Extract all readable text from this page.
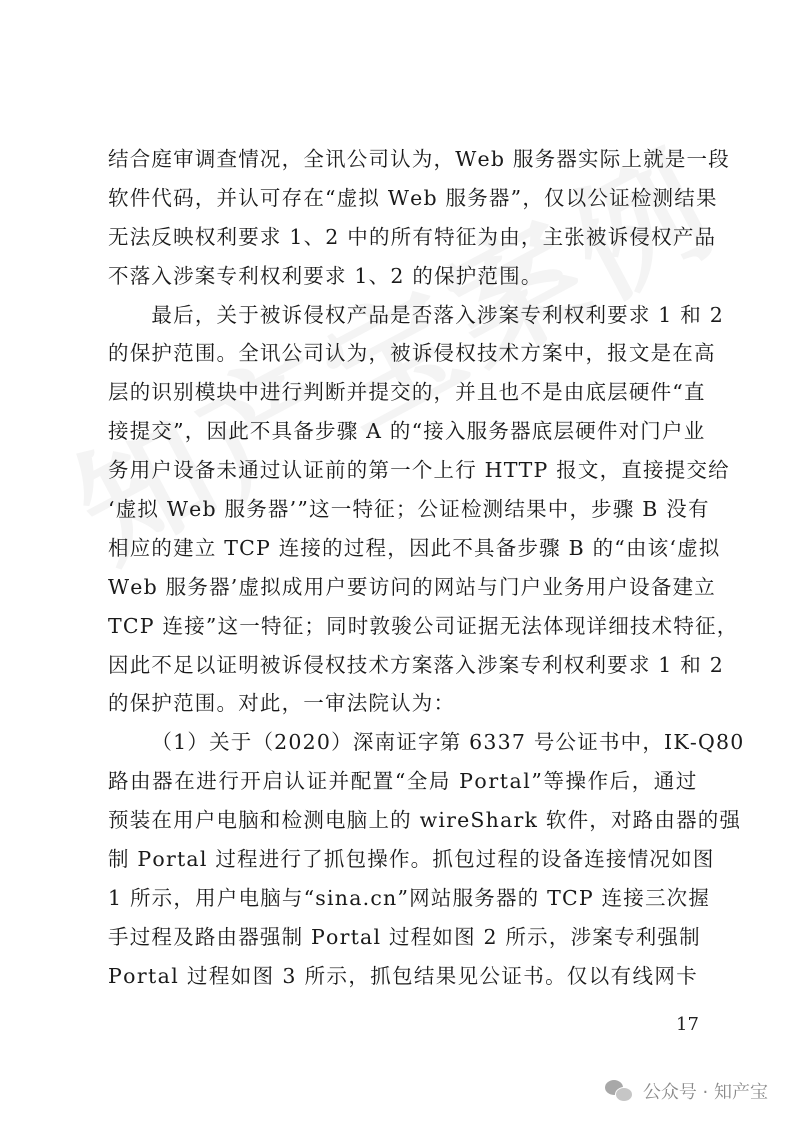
结 合 庭 审 调 查 情 况 ， 全 讯 公 司 认 为 ， W e b
服 务 器 实 际 上 就 是 一 段
软 件 代 码 ， 并 认 可 存 在 “ 虚 拟
W e b
服 务 器 ” ， 仅 以 公 证 检 测 结 果
无 法 反 映 权 利 要 求
1 、 2
中 的 所 有 特 征 为 由 ， 主 张 被 诉 侵 权 产 品
不落入涉案专利权利要求 1、2 的保护范围。

最 后 ， 关 于 被 诉 侵 权 产 品 是 否 落 入 涉 案 专 利 权 利 要 求
1
和
2
的 保 护 范 围 。 全 讯 公 司 认 为 ， 被 诉 侵 权 技 术 方 案 中 ， 报 文 是 在 高
层 的 识 别 模 块 中 进 行 判 断 并 提 交 的 ， 并 且 也 不 是 由 底 层 硬 件 “ 直
接 提 交 ” ， 因 此 不 具 备 步 骤
A
的 “ 接 入 服 务 器 底 层 硬 件 对 门 户 业
务 用 户 设 备 未 通 过 认 证 前 的 第 一 个 上 行
H T T P
报 文 ， 直 接 提 交 给
‘ 虚 拟
W e b
服 务 器 ’ ” 这 一 特 征 ； 公 证 检 测 结 果 中 ， 步 骤
B
没 有
相 应 的 建 立
T C P
连 接 的 过 程 ， 因 此 不 具 备 步 骤
B
的 “ 由 该 ‘ 虚 拟
W e b
服 务 器 ’ 虚 拟 成 用 户 要 访 问 的 网 站 与 门 户 业 务 用 户 设 备 建 立
T C P
连 接 ” 这 一 特 征 ； 同 时 敦 骏 公 司 证 据 无 法 体 现 详 细 技 术 特 征 ，
因 此 不 足 以 证 明 被 诉 侵 权 技 术 方 案 落 入 涉 案 专 利 权 利 要 求
1
和
2
的保护范围。对此，一审法院认为：

（ 1 ） 关 于 （ 2 0 2 0 ） 深 南 证 字 第
6 3 3 7
号 公 证 书 中 ， I K - Q 8 0
路 由 器 在 进 行 开 启 认 证 并 配 置 “ 全 局
P o r t a l ” 等 操 作 后 ， 通 过
预 装 在 用 户 电 脑 和 检 测 电 脑 上 的
w i r e S h a r k
软 件 ， 对 路 由 器 的 强
制
P o r t a l
过 程 进 行 了 抓 包 操 作 。 抓 包 过 程 的 设 备 连 接 情 况 如 图
1
所 示 ， 用 户 电 脑 与 “ s i n a . c n ” 网 站 服 务 器 的
T C P
连 接 三 次 握
手 过 程 及 路 由 器 强 制
P o r t a l
过 程 如 图
2
所 示 ， 涉 案 专 利 强 制
P o r t a l
过 程 如 图
3
所 示 ， 抓 包 结 果 见 公 证 书 。 仅 以 有 线 网 卡
17
公众号 · 知产宝
